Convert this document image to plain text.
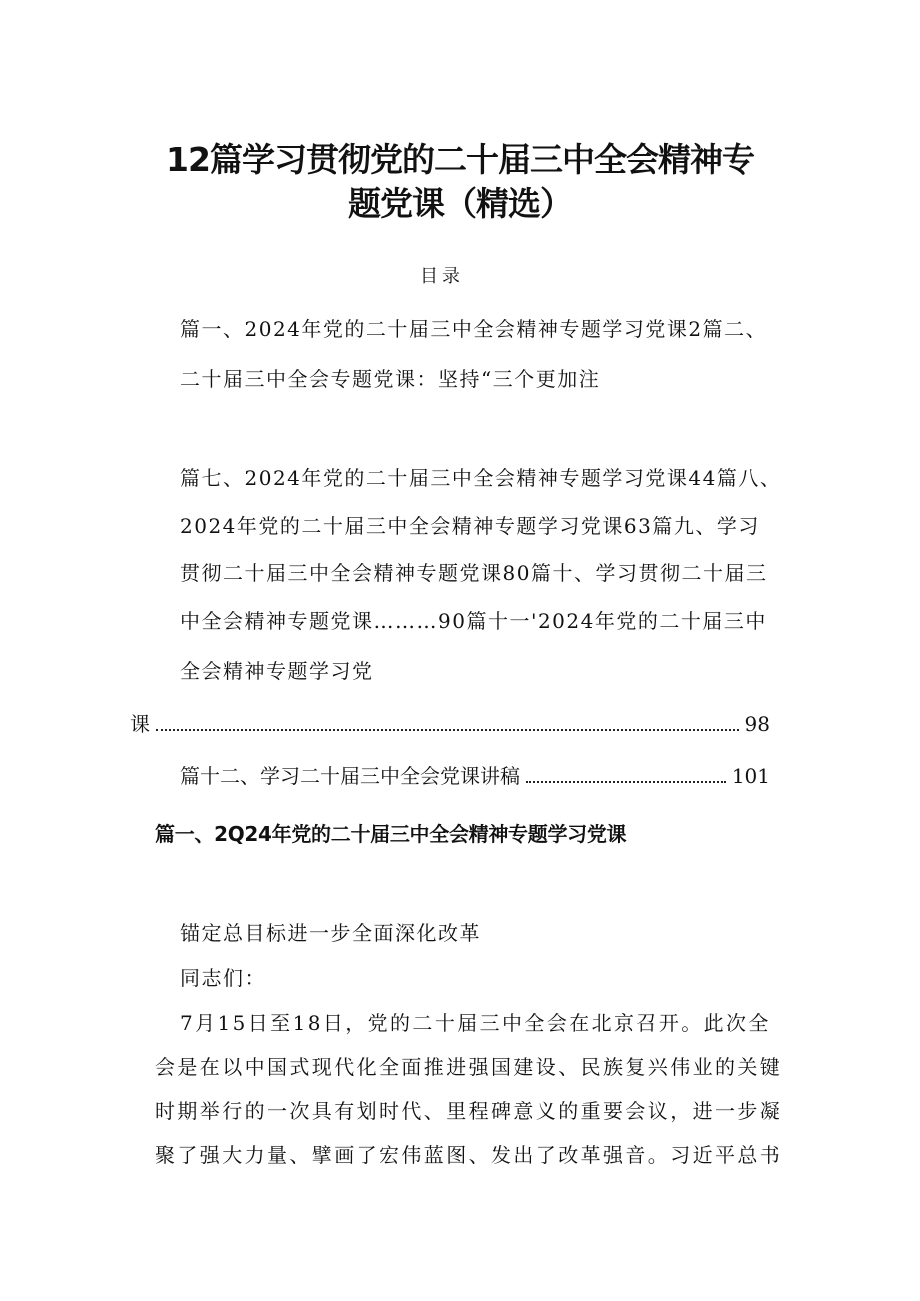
12篇学习贯彻党的二十届三中全会精神专
题党课（精选）
目录
篇一、2024年党的二十届三中全会精神专题学习党课2篇二、
二十届三中全会专题党课：坚持“三个更加注
篇七、2024年党的二十届三中全会精神专题学习党课44篇八、
2024年党的二十届三中全会精神专题学习党课63篇九、学习
贯彻二十届三中全会精神专题党课80篇十、学习贯彻二十届三
中全会精神专题党课………90篇十一'2024年党的二十届三中
全会精神专题学习党
课	98
篇十二、学习二十届三中全会党课讲稿	101
篇一、2Q24年党的二十届三中全会精神专题学习党课
锚定总目标进一步全面深化改革
同志们：
7月15日至18日，党的二十届三中全会在北京召开。此次全
会是在以中国式现代化全面推进强国建设、民族复兴伟业的关键
时期举行的一次具有划时代、里程碑意义的重要会议，进一步凝
聚了强大力量、擘画了宏伟蓝图、发出了改革强音。习近平总书
